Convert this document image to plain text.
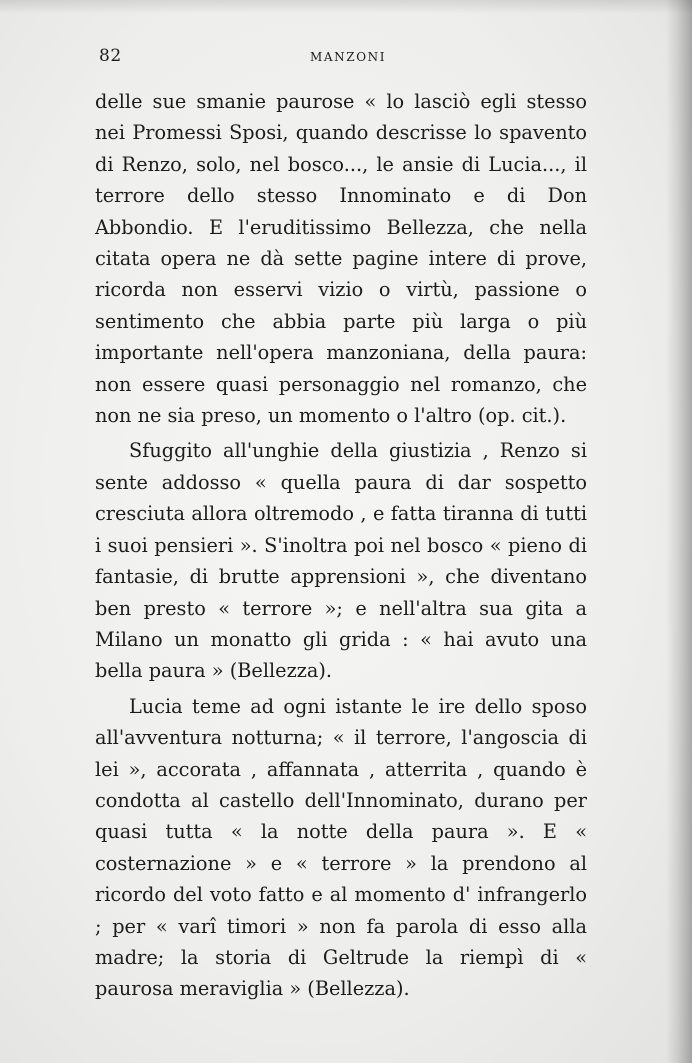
82	MANZONI

delle sue smanie paurose « lo lasciò egli stesso nei Promessi Sposi, quando descrisse lo spavento di Renzo, solo, nel bosco..., le ansie di Lucia..., il terrore dello stesso Innominato e di Don Abbondio. E l'eruditissimo Bellezza, che nella citata opera ne dà sette pagine intere di prove, ricorda non esservi vizio o virtù, passione o sentimento che abbia parte più larga o più importante nell'opera manzoniana, della paura: non essere quasi personaggio nel romanzo, che non ne sia preso, un momento o l'altro (op. cit.).

Sfuggito all'unghie della giustizia , Renzo si sente addosso « quella paura di dar sospetto cresciuta allora oltremodo , e fatta tiranna di tutti i suoi pensieri ». S'inoltra poi nel bosco « pieno di fantasie, di brutte apprensioni », che diventano ben presto « terrore »; e nell'altra sua gita a Milano un monatto gli grida : « hai avuto una bella paura » (Bellezza).

Lucia teme ad ogni istante le ire dello sposo all'avventura notturna; « il terrore, l'angoscia di lei », accorata , affannata , atterrita , quando è condotta al castello dell'Innominato, durano per quasi tutta « la notte della paura ». E « costernazione » e « terrore » la prendono al ricordo del voto fatto e al momento d' infrangerlo ; per « varî timori » non fa parola di esso alla madre; la storia di Geltrude la riempì di « paurosa meraviglia » (Bellezza).
